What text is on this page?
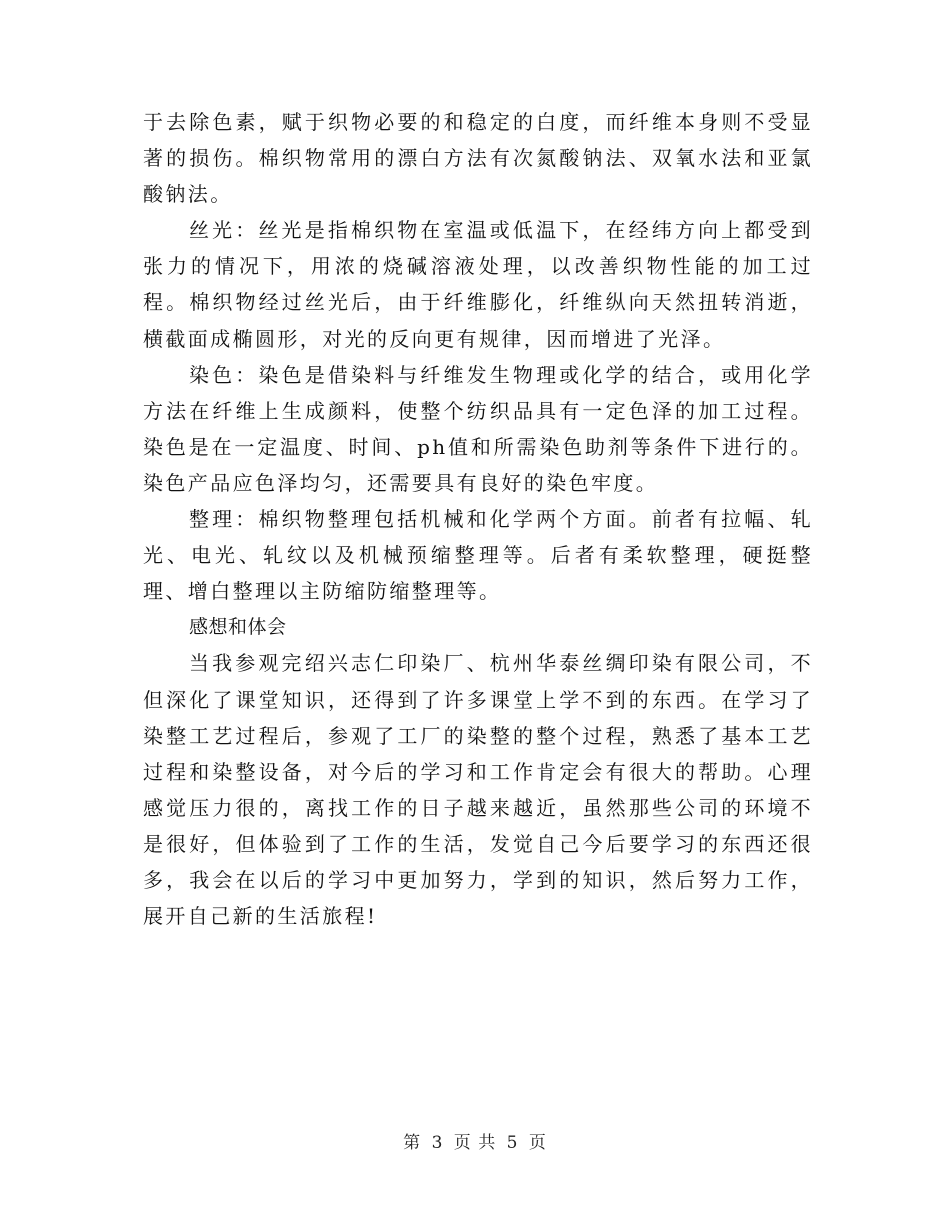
于去除色素，赋于织物必要的和稳定的白度，而纤维本身则不受显著的损伤。棉织物常用的漂白方法有次氮酸钠法、双氧水法和亚氯酸钠法。

丝光：丝光是指棉织物在室温或低温下，在经纬方向上都受到张力的情况下，用浓的烧碱溶液处理，以改善织物性能的加工过程。棉织物经过丝光后，由于纤维膨化，纤维纵向天然扭转消逝，横截面成椭圆形，对光的反向更有规律，因而增进了光泽。

染色：染色是借染料与纤维发生物理或化学的结合，或用化学方法在纤维上生成颜料，使整个纺织品具有一定色泽的加工过程。染色是在一定温度、时间、ph值和所需染色助剂等条件下进行的。染色产品应色泽均匀，还需要具有良好的染色牢度。

整理：棉织物整理包括机械和化学两个方面。前者有拉幅、轧光、电光、轧纹以及机械预缩整理等。后者有柔软整理，硬挺整理、增白整理以主防缩防缩整理等。

感想和体会

当我参观完绍兴志仁印染厂、杭州华泰丝绸印染有限公司，不但深化了课堂知识，还得到了许多课堂上学不到的东西。在学习了染整工艺过程后，参观了工厂的染整的整个过程，熟悉了基本工艺过程和染整设备，对今后的学习和工作肯定会有很大的帮助。心理感觉压力很的，离找工作的日子越来越近，虽然那些公司的环境不是很好，但体验到了工作的生活，发觉自己今后要学习的东西还很多，我会在以后的学习中更加努力，学到的知识，然后努力工作，展开自己新的生活旅程!

第 3 页 共 5 页
